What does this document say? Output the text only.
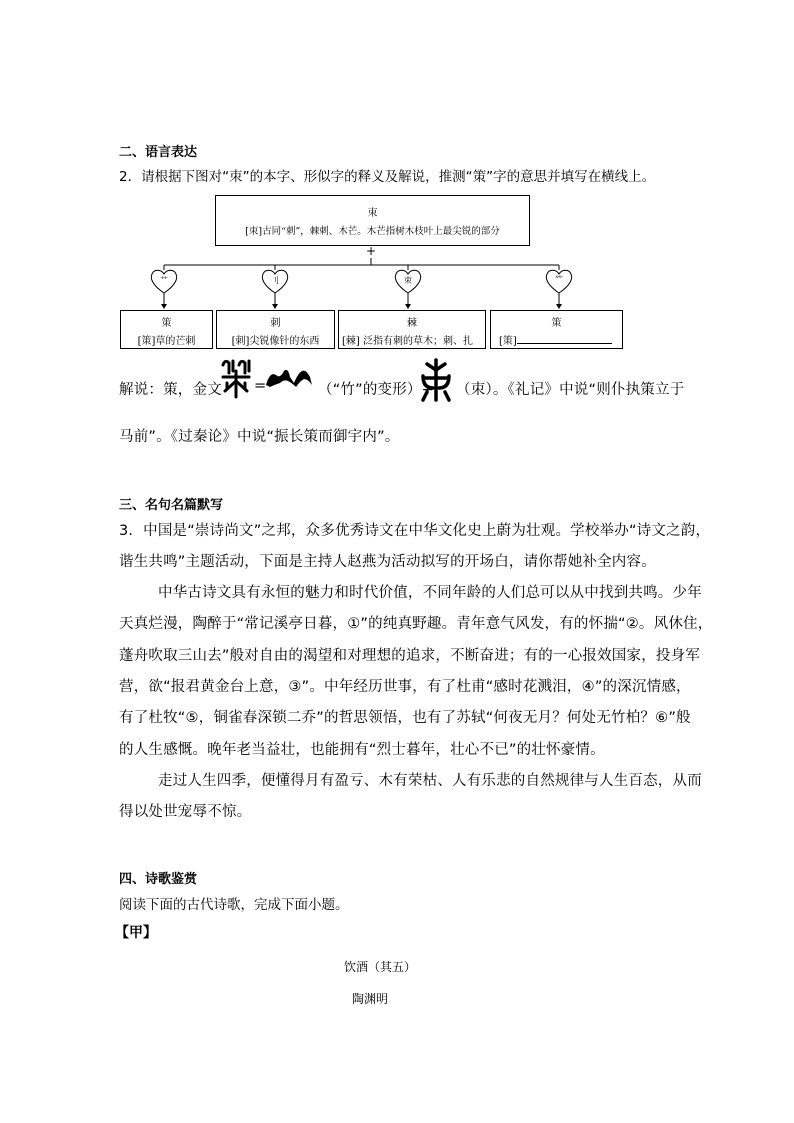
二、语言表达
2．请根据下图对“朿”的本字、形似字的释义及解说，推测“策”字的意思并填写在横线上。
朿
[朿]古同“刺”，棘刺、木芒。木芒指树木枝叶上最尖锐的部分
+
艹	刂	朿	⺮
策
[策]草的芒刺
刺
[刺]尖锐像针的东西
棘
[棘] 泛指有刺的草木；刺、扎
策
[策]
解说：策，金文 =	（“竹”的变形）+ （朿）。《礼记》中说“则仆执策立于
马前”。《过秦论》中说“振长策而御宇内”。
三、名句名篇默写
3．中国是“崇诗尚文”之邦，众多优秀诗文在中华文化史上蔚为壮观。学校举办“诗文之韵，
谐生共鸣”主题活动，下面是主持人赵燕为活动拟写的开场白，请你帮她补全内容。
中华古诗文具有永恒的魅力和时代价值，不同年龄的人们总可以从中找到共鸣。少年
天真烂漫，陶醉于“常记溪亭日暮，①”的纯真野趣。青年意气风发，有的怀揣“②。风休住，
蓬舟吹取三山去”般对自由的渴望和对理想的追求，不断奋进；有的一心报效国家，投身军
营，欲“报君黄金台上意，③”。中年经历世事，有了杜甫“感时花溅泪，④”的深沉情感，
有了杜牧“⑤，铜雀春深锁二乔”的哲思领悟，也有了苏轼“何夜无月？何处无竹柏？⑥”般
的人生感慨。晚年老当益壮，也能拥有“烈士暮年，壮心不已”的壮怀豪情。
走过人生四季，便懂得月有盈亏、木有荣枯、人有乐悲的自然规律与人生百态，从而
得以处世宠辱不惊。
四、诗歌鉴赏
阅读下面的古代诗歌，完成下面小题。
【甲】
饮酒（其五）
陶渊明
